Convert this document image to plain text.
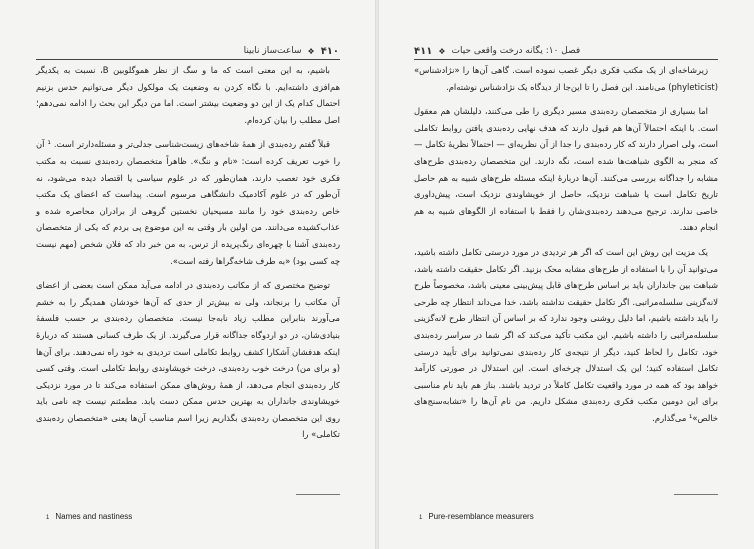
۴۱۰
❖
ساعت‌ساز نابینا

باشیم، به این معنی است که ما و سگ از نظر هموگلوبین B، نسبت به یکدیگر هم‌افزی داشته‌ایم. با نگاه کردن به وضعیت یک مولکول دیگر می‌توانیم حدس بزنیم احتمال کدام یک از این دو وضعیت بیشتر است. اما من دیگر این بحث را ادامه نمی‌دهم؛ اصل مطلب را بیان کرده‌ام.

قبلاً گفتم رده‌بندی از همهٔ شاخه‌های زیست‌شناسی جدلی‌تر و مسئله‌دارتر است. ¹ آن را خوب تعریف کرده است: «نام و ننگ». ظاهراً متخصصان رده‌بندی نسبت به مکتب فکری خود تعصب دارند، همان‌طور که در علوم سیاسی یا اقتصاد دیده می‌شود، نه آن‌طور که در علوم آکادمیک دانشگاهی مرسوم است. پیداست که اعضای یک مکتب خاص رده‌بندی خود را مانند مسیحیان نخستین گروهی از برادران محاصره شده و عذاب‌کشیده می‌دانند. من اولین بار وقتی به این موضوع پی بردم که یکی از متخصصان رده‌بندی آشنا با چهره‌ای رنگ‌پریده از ترس، به من خبر داد که فلان شخص (مهم نیست چه کسی بود) «به طرف شاخه‌گراها رفته است».

توضیح مختصری که از مکاتب رده‌بندی در ادامه می‌آید ممکن است بعضی از اعضای آن مکاتب را برنجاند، ولی نه بیش‌تر از حدی که آن‌ها خودشان همدیگر را به خشم می‌آورند بنابراین مطلب زیاد نابه‌جا نیست. متخصصان رده‌بندی بر حسب فلسفهٔ بنیادی‌شان، در دو اردوگاه جداگانه قرار می‌گیرند. از یک طرف کسانی هستند که دربارهٔ اینکه هدفشان آشکارا کشف روابط تکاملی است تردیدی به خود راه نمی‌دهند. برای آن‌ها (و برای من) درخت خوب رده‌بندی، درخت خویشاوندی روابط تکاملی است. وقتی کسی کار رده‌بندی انجام می‌دهد، از همهٔ روش‌های ممکن استفاده می‌کند تا در مورد نزدیکی خویشاوندی جانداران به بهترین حدس ممکن دست یابد. مطمئنم نیست چه نامی باید روی این متخصصان رده‌بندی بگذاریم زیرا اسم مناسب آن‌ها یعنی «متخصصان رده‌بندی تکاملی» را

1 Names and nastiness
فصل ۱۰: یگانه درخت واقعی حیات
❖
۴۱۱

زیرشاخه‌ای از یک مکتب فکری دیگر غصب نموده است. گاهی آن‌ها را «نژادشناس» (phyleticist) می‌نامند. این فصل را تا این‌جا از دیدگاه یک نژادشناس نوشته‌ام.

اما بسیاری از متخصصان رده‌بندی مسیر دیگری را طی می‌کنند، دلیلشان هم معقول است. با اینکه احتمالاً آن‌ها هم قبول دارند که هدف نهایی رده‌بندی یافتن روابط تکاملی است، ولی اصرار دارند که کار رده‌بندی را جدا از آن نظریه‌ای — احتمالاً نظریهٔ تکامل — که منجر به الگوی شباهت‌ها شده است، نگه دارند. این متخصصان رده‌بندی طرح‌های مشابه را جداگانه بررسی می‌کنند. آن‌ها دربارهٔ اینکه مسئله طرح‌های شبیه به هم حاصل تاریخ تکامل است یا شباهت نزدیک، حاصل از خویشاوندی نزدیک است، پیش‌داوری خاصی ندارند. ترجیح می‌دهند رده‌بندی‌شان را فقط با استفاده از الگوهای شبیه به هم انجام دهند.

یک مزیت این روش این است که اگر هر تردیدی در مورد درستی تکامل داشته باشید، می‌توانید آن را با استفاده از طرح‌های مشابه محک بزنید. اگر تکامل حقیقت داشته باشد، شباهت بین جانداران باید بر اساس طرح‌های قابل پیش‌بینی معینی باشد، مخصوصاً طرح لانه‌گزینی سلسله‌مراتبی. اگر تکامل حقیقت نداشته باشد، خدا می‌داند انتظار چه طرحی را باید داشته باشیم، اما دلیل روشنی وجود ندارد که بر اساس آن انتظار طرح لانه‌گزینی سلسله‌مراتبی را داشته باشیم. این مکتب تأکید می‌کند که اگر شما در سراسر رده‌بندی خود، تکامل را لحاظ کنید، دیگر از نتیجه‌ی کار رده‌بندی نمی‌توانید برای تأیید درستی تکامل استفاده کنید؛ این یک استدلال چرخه‌ای است. این استدلال در صورتی کارآمد خواهد بود که همه در مورد واقعیت تکامل کاملاً در تردید باشند. بناز هم باید نام مناسبی برای این دومین مکتب فکری رده‌بندی مشکل داریم. من نام آن‌ها را «تشابه‌سنج‌های خالص»¹ می‌گذارم.

1 Pure-resemblance measurers
